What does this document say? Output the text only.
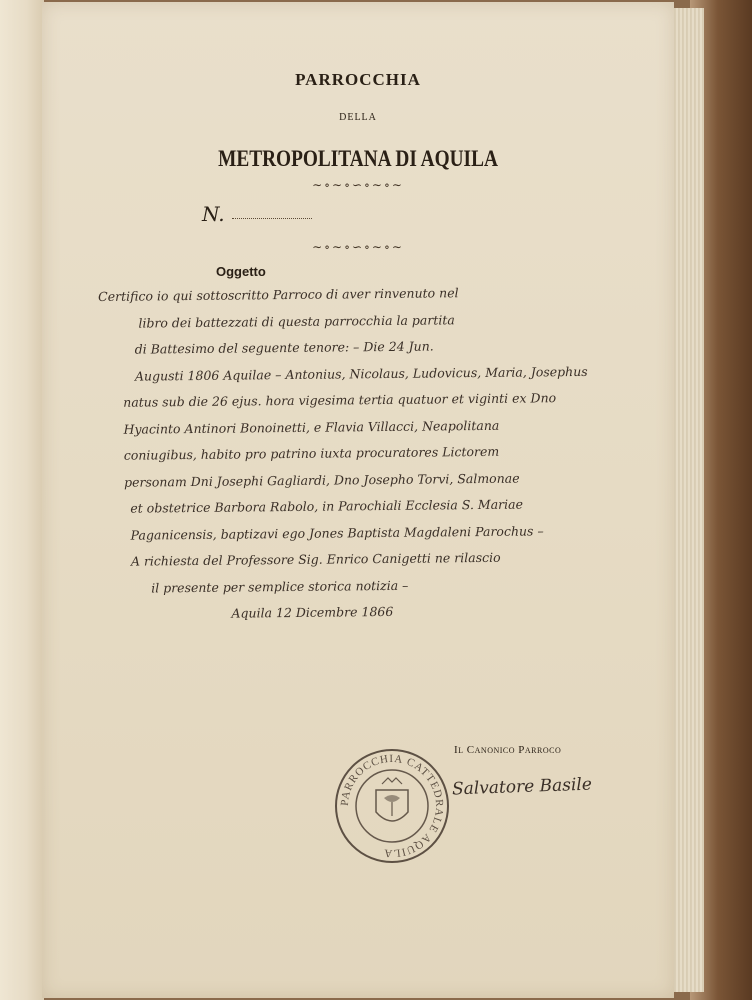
PARROCCHIA
DELLA
METROPOLITANA DI AQUILA
∼∘∼∘∽∘∼∘∼
N.
∼∘∼∘∽∘∼∘∼
Oggetto
Certifico io qui sottoscritto Parroco di aver rinvenuto nel
libro dei battezzati di questa parrocchia la partita
di Battesimo del seguente tenore: – Die 24 Jun.
Augusti 1806 Aquilae – Antonius, Nicolaus, Ludovicus, Maria, Josephus
natus sub die 26 ejus. hora vigesima tertia quatuor et viginti ex Dno
Hyacinto Antinori Bonoinetti, e Flavia Villacci, Neapolitana
coniugibus, habito pro patrino iuxta procuratores Lictorem
personam Dni Josephi Gagliardi, Dno Josepho Torvi, Salmonae
et obstetrice Barbora Rabolo, in Parochiali Ecclesia S. Mariae
Paganicensis, baptizavi ego Jones Baptista Magdaleni Parochus –
A richiesta del Professore Sig. Enrico Canigetti ne rilascio
il presente per semplice storica notizia –
Aquila 12 Dicembre 1866
PARROCCHIA CATTEDRALE AQUILA
Il Canonico Parroco
Salvatore Basile
